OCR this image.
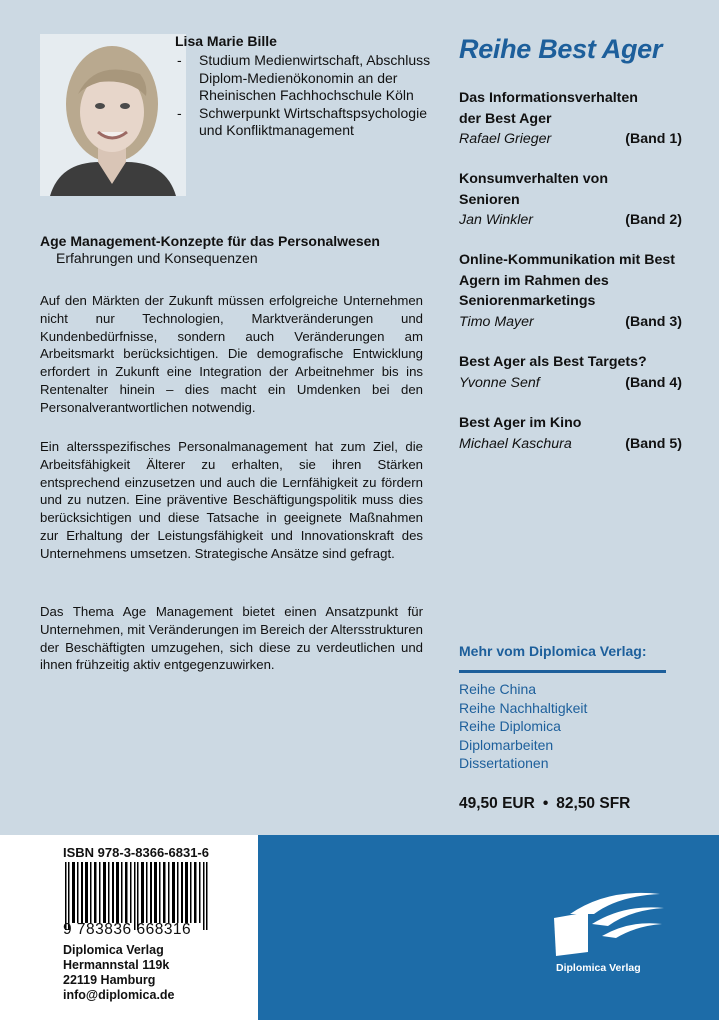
Lisa Marie Bille
- Studium Medienwirtschaft, Abschluss Diplom-Medienökonomin an der Rheinischen Fachhochschule Köln
- Schwerpunkt Wirtschaftspsychologie und Konfliktmanagement
Age Management-Konzepte für das Personalwesen
Erfahrungen und Konsequenzen

Auf den Märkten der Zukunft müssen erfolgreiche Unternehmen nicht nur Technologien, Marktveränderungen und Kundenbedürfnisse, sondern auch Veränderungen am Arbeitsmarkt berücksichtigen. Die demografische Entwicklung erfordert in Zukunft eine Integration der Arbeitnehmer bis ins Rentenalter hinein – dies macht ein Umdenken bei den Personalverantwortlichen notwendig.

Ein altersspezifisches Personalmanagement hat zum Ziel, die Arbeitsfähigkeit Älterer zu erhalten, sie ihren Stärken entsprechend einzusetzen und auch die Lernfähigkeit zu fördern und zu nutzen. Eine präventive Beschäftigungspolitik muss dies berücksichtigen und diese Tatsache in geeignete Maßnahmen zur Erhaltung der Leistungsfähigkeit und Innovationskraft des Unternehmens umsetzen. Strategische Ansätze sind gefragt.

Das Thema Age Management bietet einen Ansatzpunkt für Unternehmen, mit Veränderungen im Bereich der Altersstrukturen der Beschäftigten umzugehen, sich diese zu verdeutlichen und ihnen frühzeitig aktiv entgegenzuwirken.

Reihe Best Ager
Das Informationsverhalten der Best Ager
Rafael Grieger	(Band 1)
Konsumverhalten von Senioren
Jan Winkler	(Band 2)
Online-Kommunikation mit Best Agern im Rahmen des Seniorenmarketings
Timo Mayer	(Band 3)
Best Ager als Best Targets?
Yvonne Senf	(Band 4)
Best Ager im Kino
Michael Kaschura	(Band 5)
Mehr vom Diplomica Verlag:
Reihe China
Reihe Nachhaltigkeit
Reihe Diplomica
Diplomarbeiten
Dissertationen
49,50 EUR • 82,50 SFR
ISBN 978-3-8366-6831-6
9 783836 668316
Diplomica Verlag
Hermannstal 119k
22119 Hamburg
info@diplomica.de
Diplomica Verlag
